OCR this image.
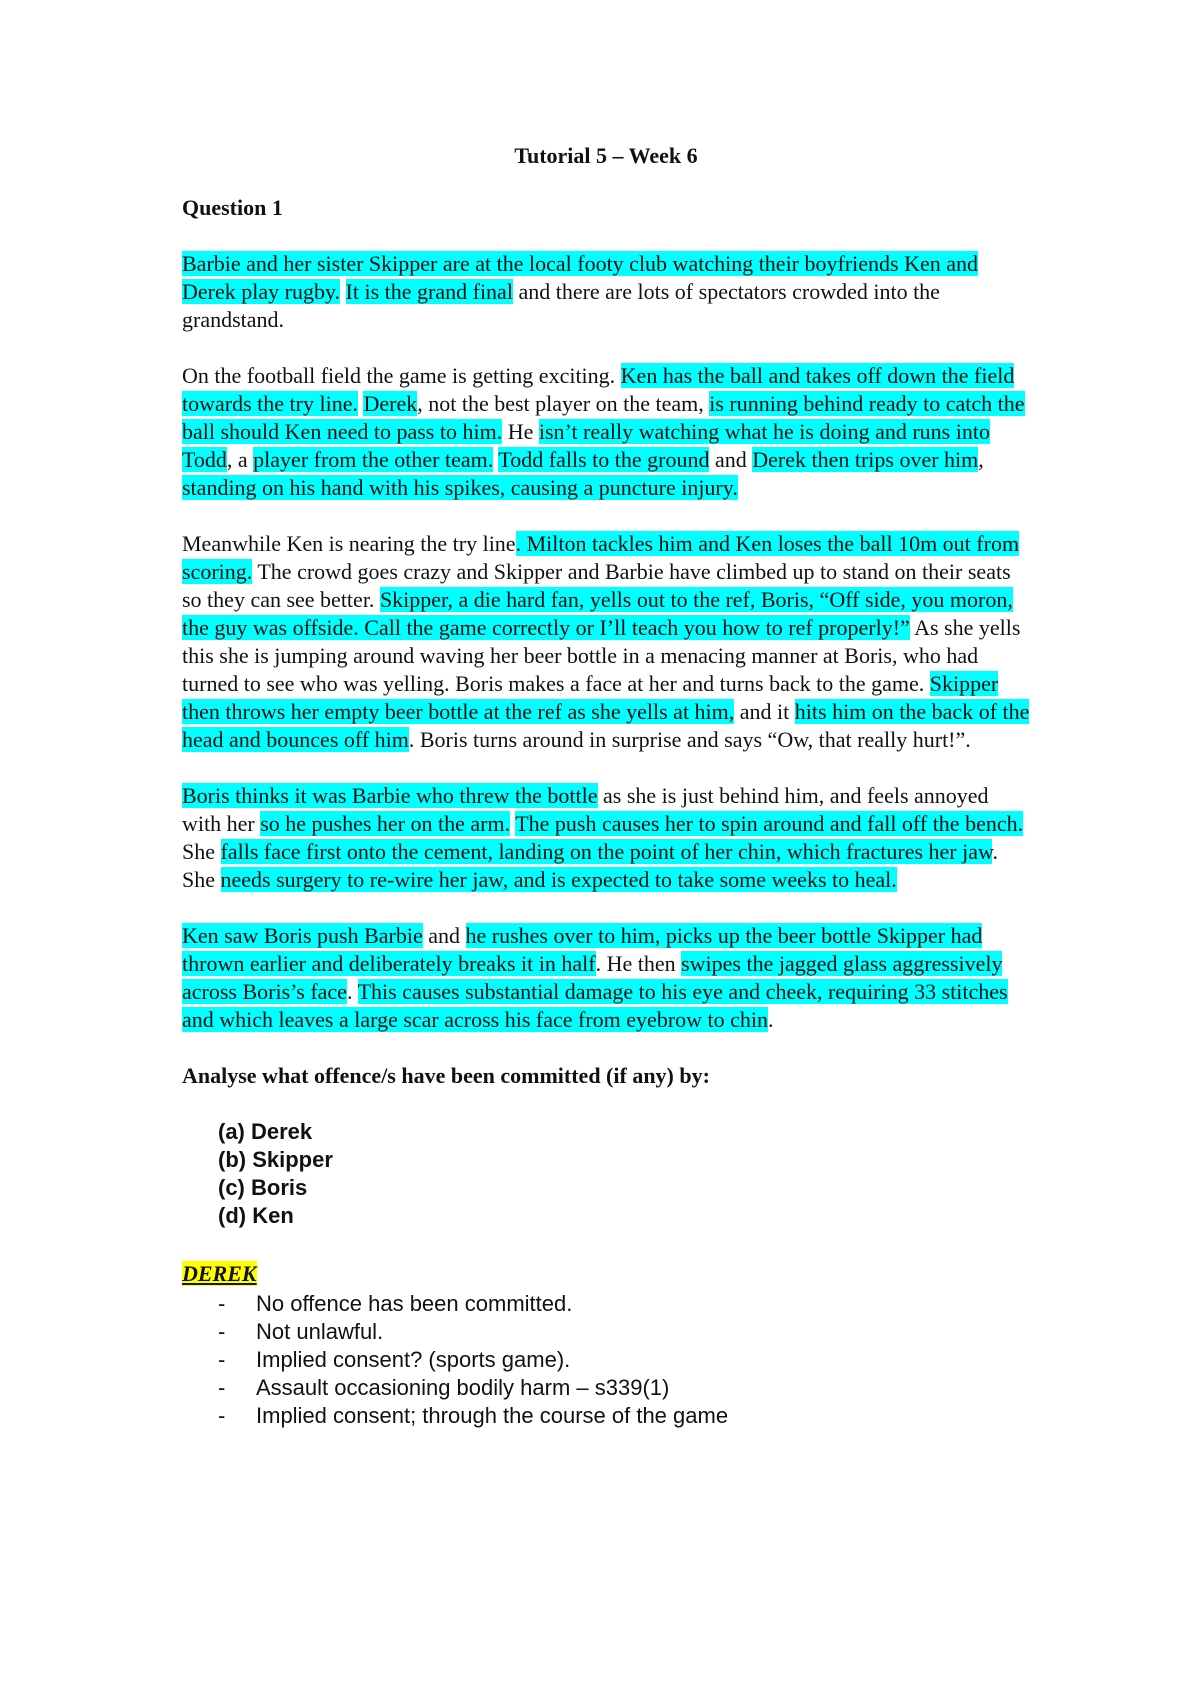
Tutorial 5 – Week 6
Question 1
Barbie and her sister Skipper are at the local footy club watching their boyfriends Ken and Derek play rugby. It is the grand final and there are lots of spectators crowded into the grandstand.
On the football field the game is getting exciting. Ken has the ball and takes off down the field towards the try line. Derek, not the best player on the team, is running behind ready to catch the ball should Ken need to pass to him. He isn’t really watching what he is doing and runs into Todd, a player from the other team. Todd falls to the ground and Derek then trips over him, standing on his hand with his spikes, causing a puncture injury.
Meanwhile Ken is nearing the try line. Milton tackles him and Ken loses the ball 10m out from scoring. The crowd goes crazy and Skipper and Barbie have climbed up to stand on their seats so they can see better. Skipper, a die hard fan, yells out to the ref, Boris, “Off side, you moron, the guy was offside. Call the game correctly or I’ll teach you how to ref properly!” As she yells this she is jumping around waving her beer bottle in a menacing manner at Boris, who had turned to see who was yelling. Boris makes a face at her and turns back to the game. Skipper then throws her empty beer bottle at the ref as she yells at him, and it hits him on the back of the head and bounces off him. Boris turns around in surprise and says “Ow, that really hurt!”.
Boris thinks it was Barbie who threw the bottle as she is just behind him, and feels annoyed with her so he pushes her on the arm. The push causes her to spin around and fall off the bench. She falls face first onto the cement, landing on the point of her chin, which fractures her jaw. She needs surgery to re-wire her jaw, and is expected to take some weeks to heal.
Ken saw Boris push Barbie and he rushes over to him, picks up the beer bottle Skipper had thrown earlier and deliberately breaks it in half. He then swipes the jagged glass aggressively across Boris’s face. This causes substantial damage to his eye and cheek, requiring 33 stitches and which leaves a large scar across his face from eyebrow to chin.
Analyse what offence/s have been committed (if any) by:
(a) Derek
(b) Skipper
(c) Boris
(d) Ken
DEREK
- No offence has been committed.
- Not unlawful.
- Implied consent? (sports game).
- Assault occasioning bodily harm – s339(1)
- Implied consent; through the course of the game
